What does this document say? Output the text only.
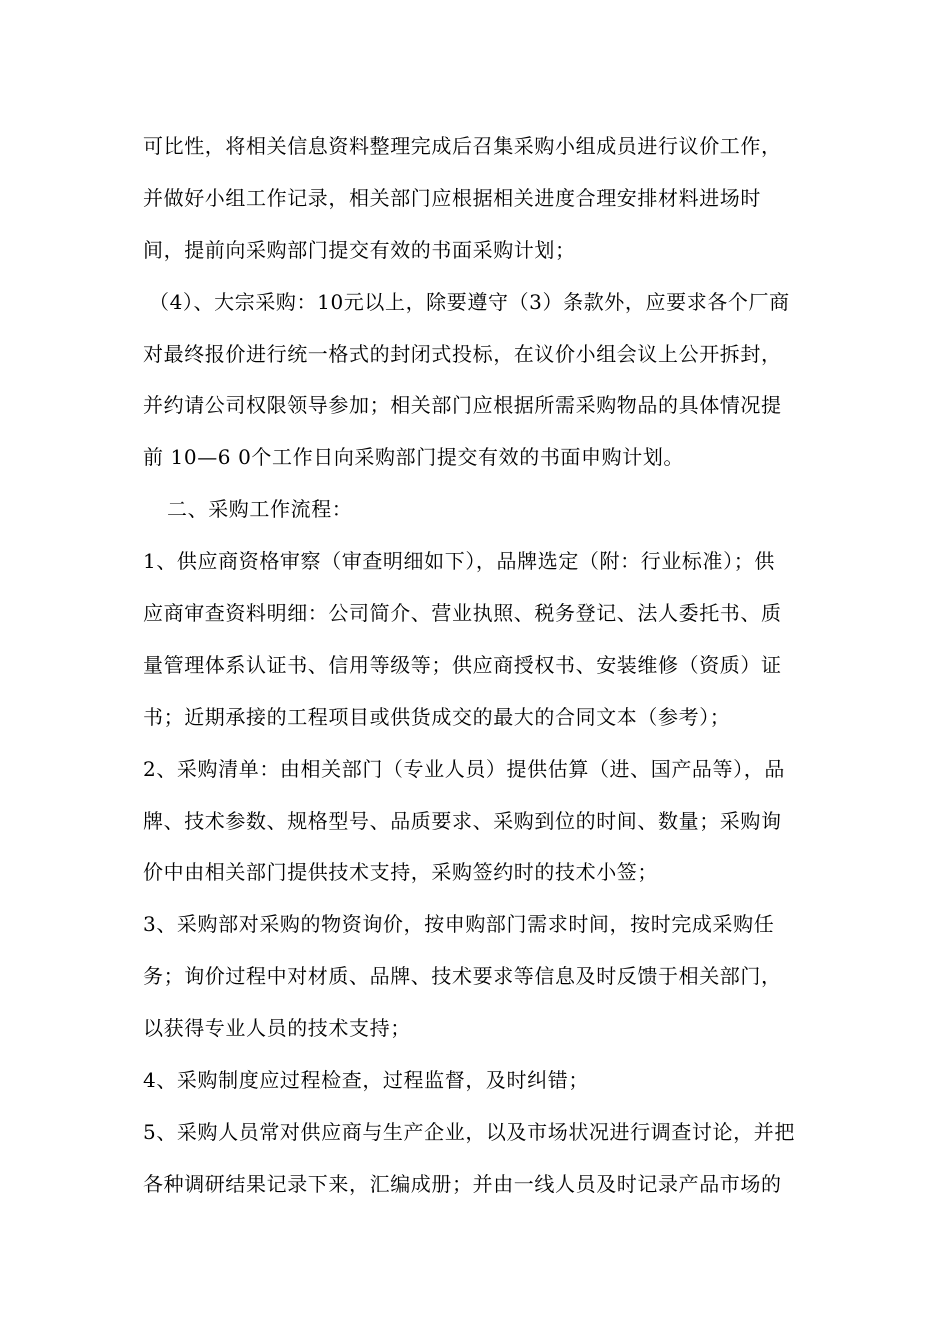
可比性，将相关信息资料整理完成后召集采购小组成员进行议价工作，
并做好小组工作记录，相关部门应根据相关进度合理安排材料进场时
间，提前向采购部门提交有效的书面采购计划；
（4）、大宗采购：10元以上，除要遵守（3）条款外，应要求各个厂商
对最终报价进行统一格式的封闭式投标，在议价小组会议上公开拆封，
并约请公司权限领导参加；相关部门应根据所需采购物品的具体情况提
前 10—6 0个工作日向采购部门提交有效的书面申购计划。
二、采购工作流程：
1、供应商资格审察（审查明细如下），品牌选定（附：行业标准）；供
应商审查资料明细：公司简介、营业执照、税务登记、法人委托书、质
量管理体系认证书、信用等级等；供应商授权书、安装维修（资质）证
书；近期承接的工程项目或供货成交的最大的合同文本（参考）；
2、采购清单：由相关部门（专业人员）提供估算（进、国产品等），品
牌、技术参数、规格型号、品质要求、采购到位的时间、数量；采购询
价中由相关部门提供技术支持，采购签约时的技术小签；
3、采购部对采购的物资询价，按申购部门需求时间，按时完成采购任
务；询价过程中对材质、品牌、技术要求等信息及时反馈于相关部门，
以获得专业人员的技术支持；
4、采购制度应过程检查，过程监督，及时纠错；
5、采购人员常对供应商与生产企业，以及市场状况进行调查讨论，并把
各种调研结果记录下来，汇编成册；并由一线人员及时记录产品市场的
